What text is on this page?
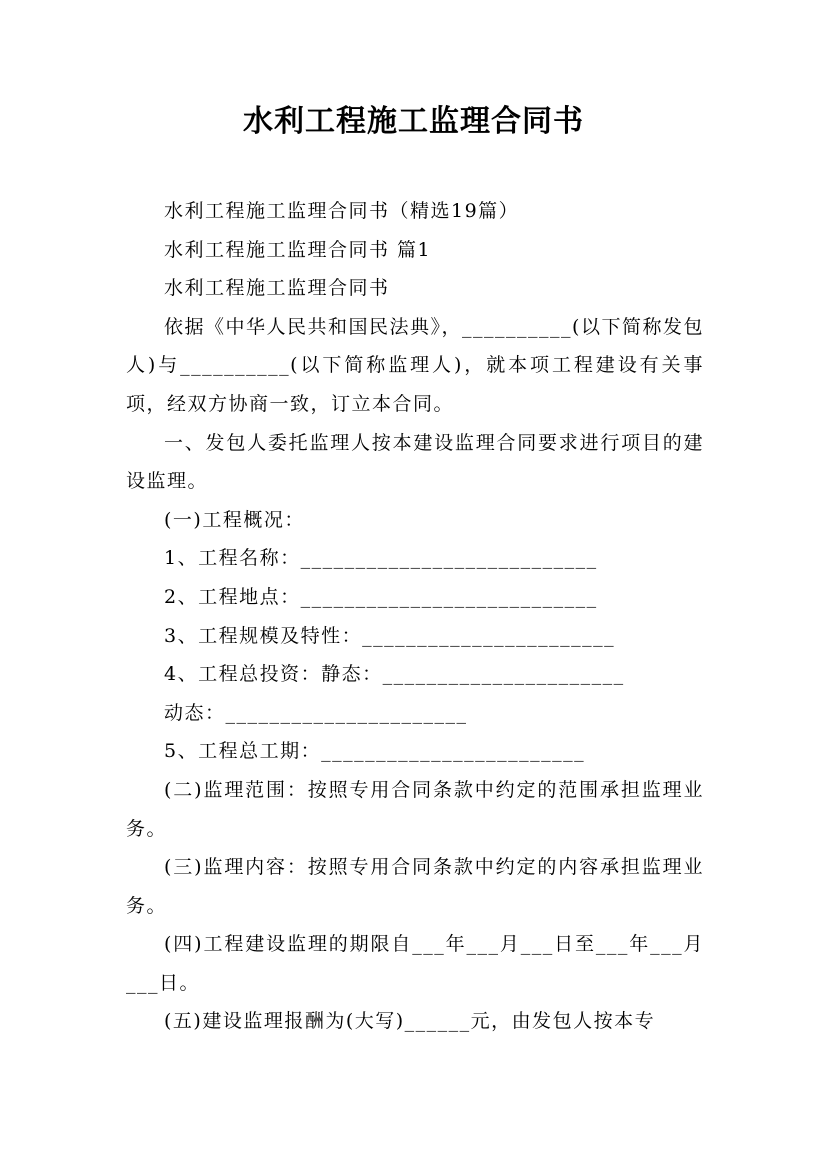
水利工程施工监理合同书

水利工程施工监理合同书（精选19篇）

水利工程施工监理合同书 篇1

水利工程施工监理合同书

依据《中华人民共和国民法典》，__________(以下简称发包人)与__________(以下简称监理人)，就本项工程建设有关事项，经双方协商一致，订立本合同。

一、发包人委托监理人按本建设监理合同要求进行项目的建设监理。

(一)工程概况：

1、工程名称：___________________________

2、工程地点：___________________________

3、工程规模及特性：_______________________

4、工程总投资：静态：______________________

动态：______________________

5、工程总工期：________________________

(二)监理范围：按照专用合同条款中约定的范围承担监理业务。

(三)监理内容：按照专用合同条款中约定的内容承担监理业务。

(四)工程建设监理的期限自___年___月___日至___年___月___日。

(五)建设监理报酬为(大写)______元，由发包人按本专
